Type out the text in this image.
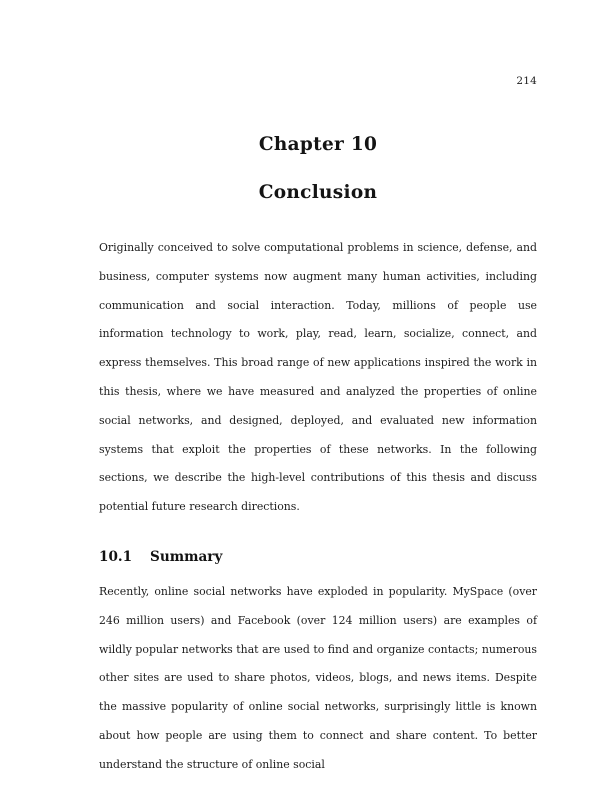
214
Chapter 10
Conclusion

Originally conceived to solve computational problems in science, defense, and business, computer systems now augment many human activities, including communication and social interaction. Today, millions of people use information technology to work, play, read, learn, socialize, connect, and express themselves. This broad range of new applications inspired the work in this thesis, where we have measured and analyzed the properties of online social networks, and designed, deployed, and evaluated new information systems that exploit the properties of these networks. In the following sections, we describe the high-level contributions of this thesis and discuss potential future research directions.

10.1	Summary

Recently, online social networks have exploded in popularity. MySpace (over 246 million users) and Facebook (over 124 million users) are examples of wildly popular networks that are used to find and organize contacts; numerous other sites are used to share photos, videos, blogs, and news items. Despite the massive popularity of online social networks, surprisingly little is known about how people are using them to connect and share content. To better understand the structure of online social
